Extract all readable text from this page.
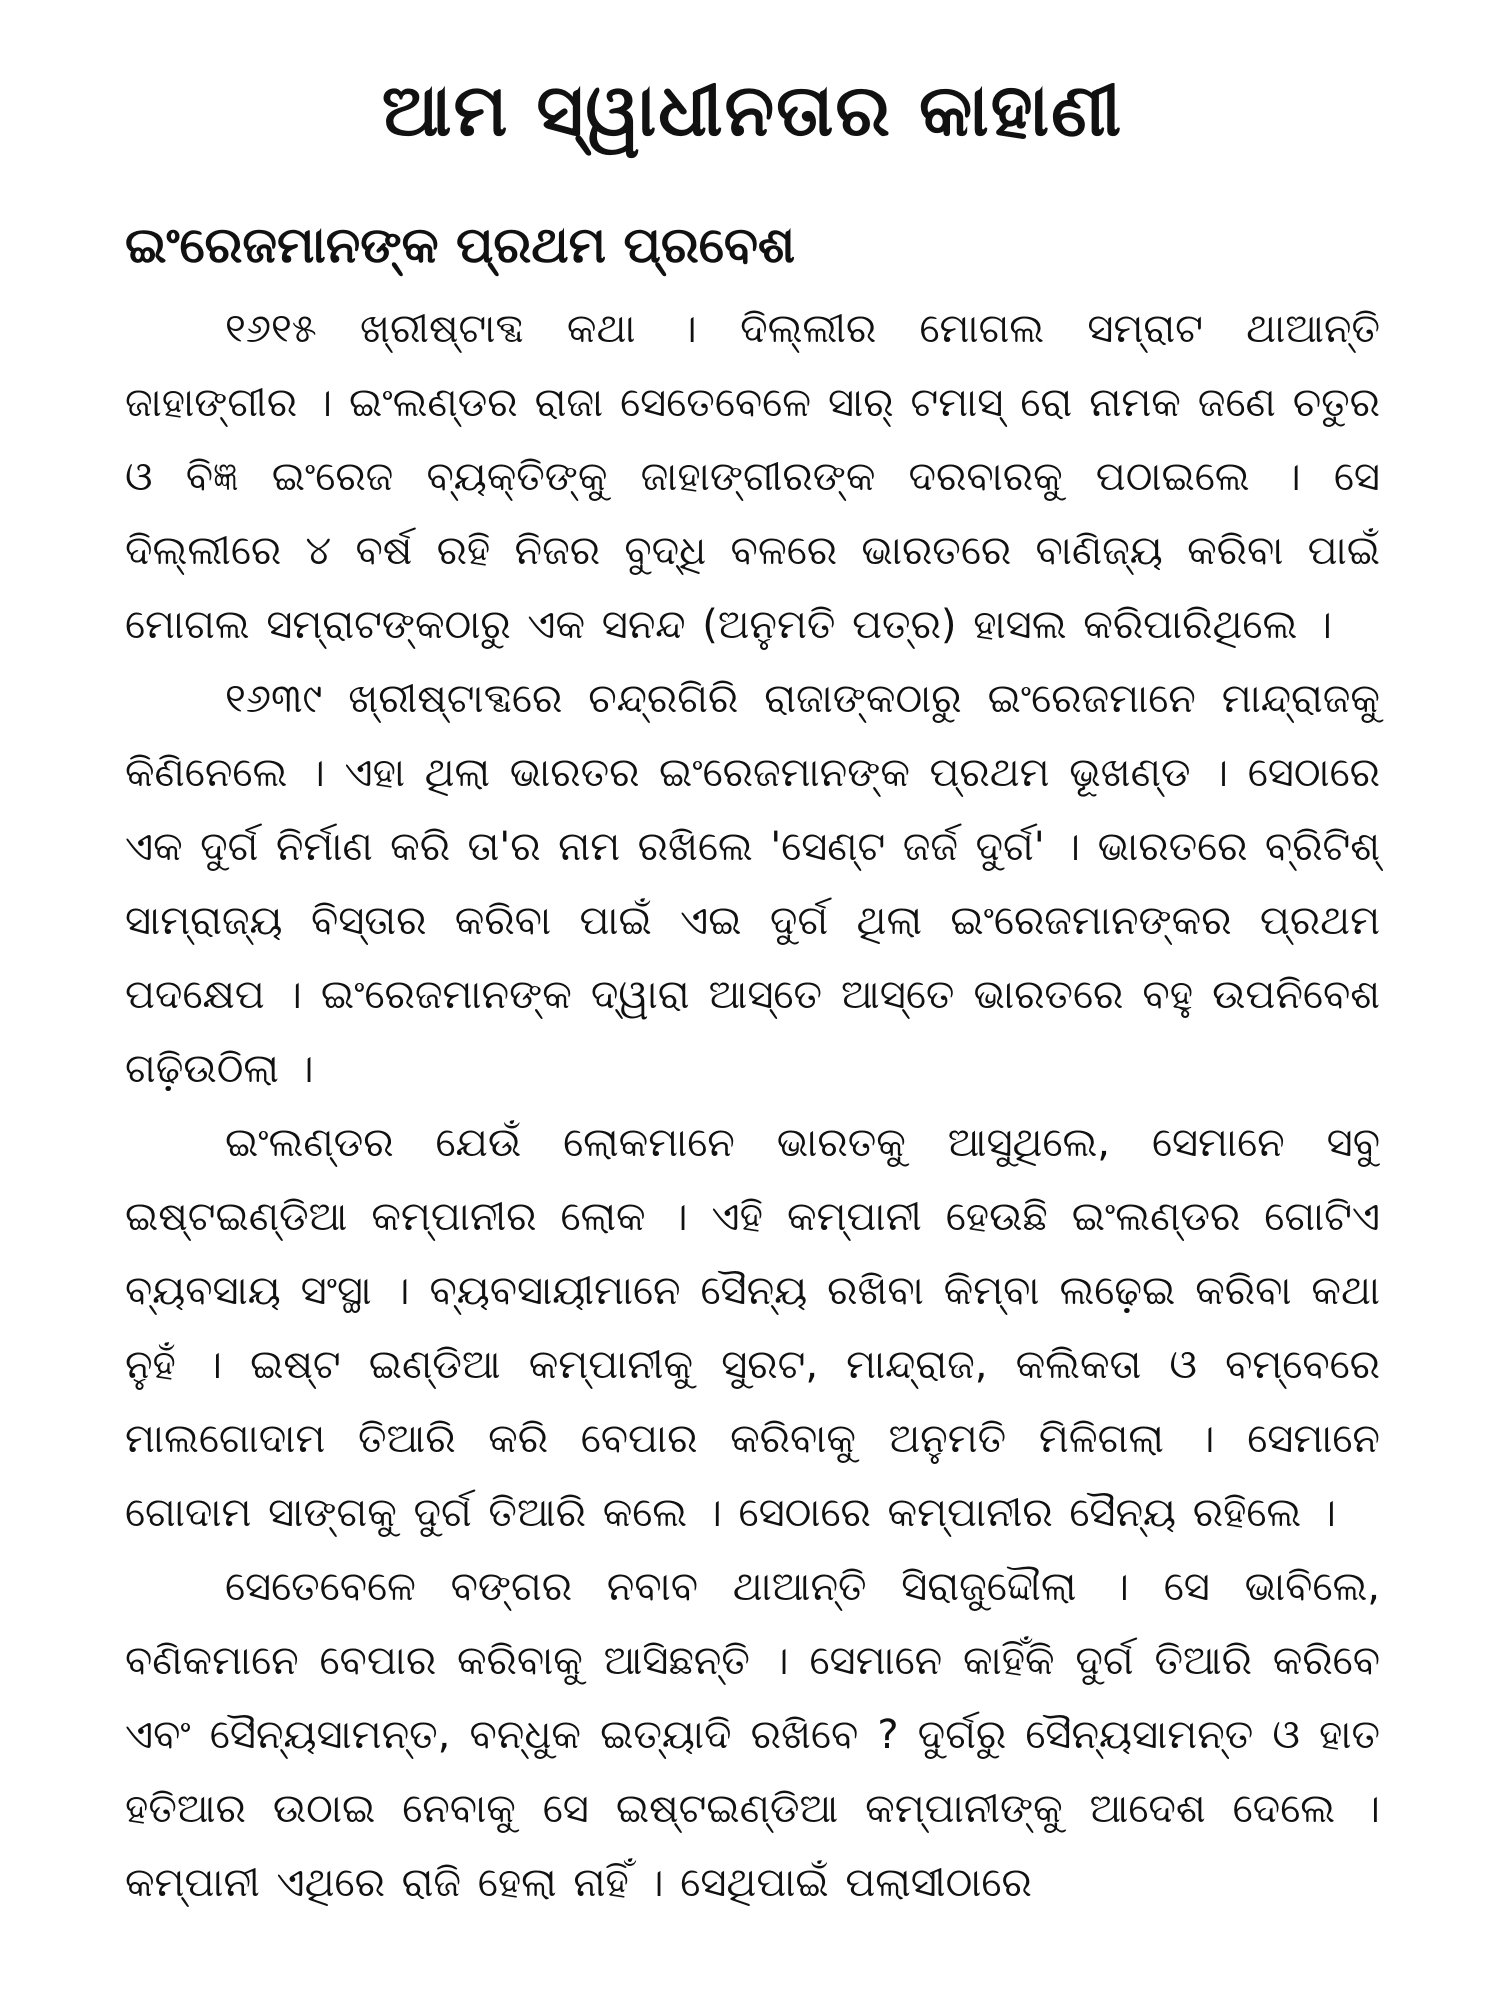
ଆମ ସ୍ୱାଧୀନତାର କାହାଣୀ
ଇଂରେଜମାନଙ୍କ ପ୍ରଥମ ପ୍ରବେଶ

୧୬୧୫ ଖ୍ରୀଷ୍ଟାବ୍ଦ କଥା । ଦିଲ୍ଲୀର ମୋଗଲ ସମ୍ରାଟ ଥାଆନ୍ତି ଜାହାଙ୍ଗୀର । ଇଂଲଣ୍ଡର ରାଜା ସେତେବେଳେ ସାର୍ ଟମାସ୍ ରୋ ନାମକ ଜଣେ ଚତୁର ଓ ବିଜ୍ଞ ଇଂରେଜ ବ୍ୟକ୍ତିଙ୍କୁ ଜାହାଙ୍ଗୀରଙ୍କ ଦରବାରକୁ ପଠାଇଲେ । ସେ ଦିଲ୍ଲୀରେ ୪ ବର୍ଷ ରହି ନିଜର ବୁଦ୍ଧି ବଳରେ ଭାରତରେ ବାଣିଜ୍ୟ କରିବା ପାଇଁ ମୋଗଲ ସମ୍ରାଟଙ୍କଠାରୁ ଏକ ସନନ୍ଦ (ଅନୁମତି ପତ୍ର) ହାସଲ କରିପାରିଥିଲେ ।

୧୬୩୯ ଖ୍ରୀଷ୍ଟାବ୍ଦରେ ଚନ୍ଦ୍ରଗିରି ରାଜାଙ୍କଠାରୁ ଇଂରେଜମାନେ ମାନ୍ଦ୍ରାଜକୁ କିଣିନେଲେ । ଏହା ଥିଲା ଭାରତର ଇଂରେଜମାନଙ୍କ ପ୍ରଥମ ଭୂଖଣ୍ଡ । ସେଠାରେ ଏକ ଦୁର୍ଗ ନିର୍ମାଣ କରି ତା'ର ନାମ ରଖିଲେ 'ସେଣ୍ଟ ଜର୍ଜ ଦୁର୍ଗ' । ଭାରତରେ ବ୍ରିଟିଶ୍ ସାମ୍ରାଜ୍ୟ ବିସ୍ତାର କରିବା ପାଇଁ ଏଇ ଦୁର୍ଗ ଥିଲା ଇଂରେଜମାନଙ୍କର ପ୍ରଥମ ପଦକ୍ଷେପ । ଇଂରେଜମାନଙ୍କ ଦ୍ୱାରା ଆସ୍ତେ ଆସ୍ତେ ଭାରତରେ ବହୁ ଉପନିବେଶ ଗଢ଼ିଉଠିଲା ।

ଇଂଲଣ୍ଡର ଯେଉଁ ଲୋକମାନେ ଭାରତକୁ ଆସୁଥିଲେ, ସେମାନେ ସବୁ ଇଷ୍ଟଇଣ୍ଡିଆ କମ୍ପାନୀର ଲୋକ । ଏହି କମ୍ପାନୀ ହେଉଛି ଇଂଲଣ୍ଡର ଗୋଟିଏ ବ୍ୟବସାୟ ସଂସ୍ଥା । ବ୍ୟବସାୟୀମାନେ ସୈନ୍ୟ ରଖିବା କିମ୍ବା ଲଢ଼େଇ କରିବା କଥା ନୁହଁ । ଇଷ୍ଟ ଇଣ୍ଡିଆ କମ୍ପାନୀକୁ ସୁରଟ, ମାନ୍ଦ୍ରାଜ, କଲିକତା ଓ ବମ୍ବେରେ ମାଲଗୋଦାମ ତିଆରି କରି ବେପାର କରିବାକୁ ଅନୁମତି ମିଳିଗଲା । ସେମାନେ ଗୋଦାମ ସାଙ୍ଗକୁ ଦୁର୍ଗ ତିଆରି କଲେ । ସେଠାରେ କମ୍ପାନୀର ସୈନ୍ୟ ରହିଲେ ।

ସେତେବେଳେ ବଙ୍ଗର ନବାବ ଥାଆନ୍ତି ସିରାଜୁଦ୍ଦୌଲା । ସେ ଭାବିଲେ, ବଣିକମାନେ ବେପାର କରିବାକୁ ଆସିଛନ୍ତି । ସେମାନେ କାହିଁକି ଦୁର୍ଗ ତିଆରି କରିବେ ଏବଂ ସୈନ୍ୟସାମନ୍ତ, ବନ୍ଧୁକ ଇତ୍ୟାଦି ରଖିବେ ? ଦୁର୍ଗରୁ ସୈନ୍ୟସାମନ୍ତ ଓ ହାତ ହତିଆର ଉଠାଇ ନେବାକୁ ସେ ଇଷ୍ଟଇଣ୍ଡିଆ କମ୍ପାନୀଙ୍କୁ ଆଦେଶ ଦେଲେ । କମ୍ପାନୀ ଏଥିରେ ରାଜି ହେଲା ନାହିଁ । ସେଥିପାଇଁ ପଲାସୀଠାରେ
